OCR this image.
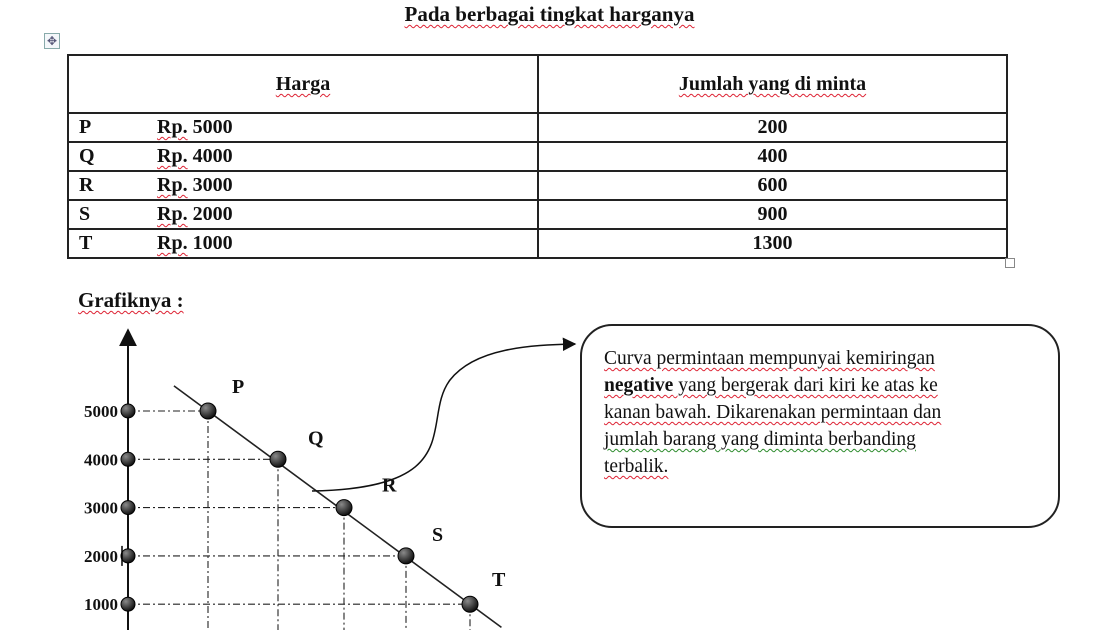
Pada berbagai tingkat harganya
✥
Harga	Jumlah yang di minta

P Rp. 5000	200

Q Rp. 4000	400

R Rp. 3000	600

S Rp. 2000	900

T Rp. 1000	1300
Grafiknya :
5000
P
4000
Q
3000
R
2000
S
1000
T
Curva permintaan mempunyai kemiringan
negative yang bergerak dari kiri ke atas ke
kanan bawah. Dikarenakan permintaan dan
jumlah barang yang diminta berbanding
terbalik.
